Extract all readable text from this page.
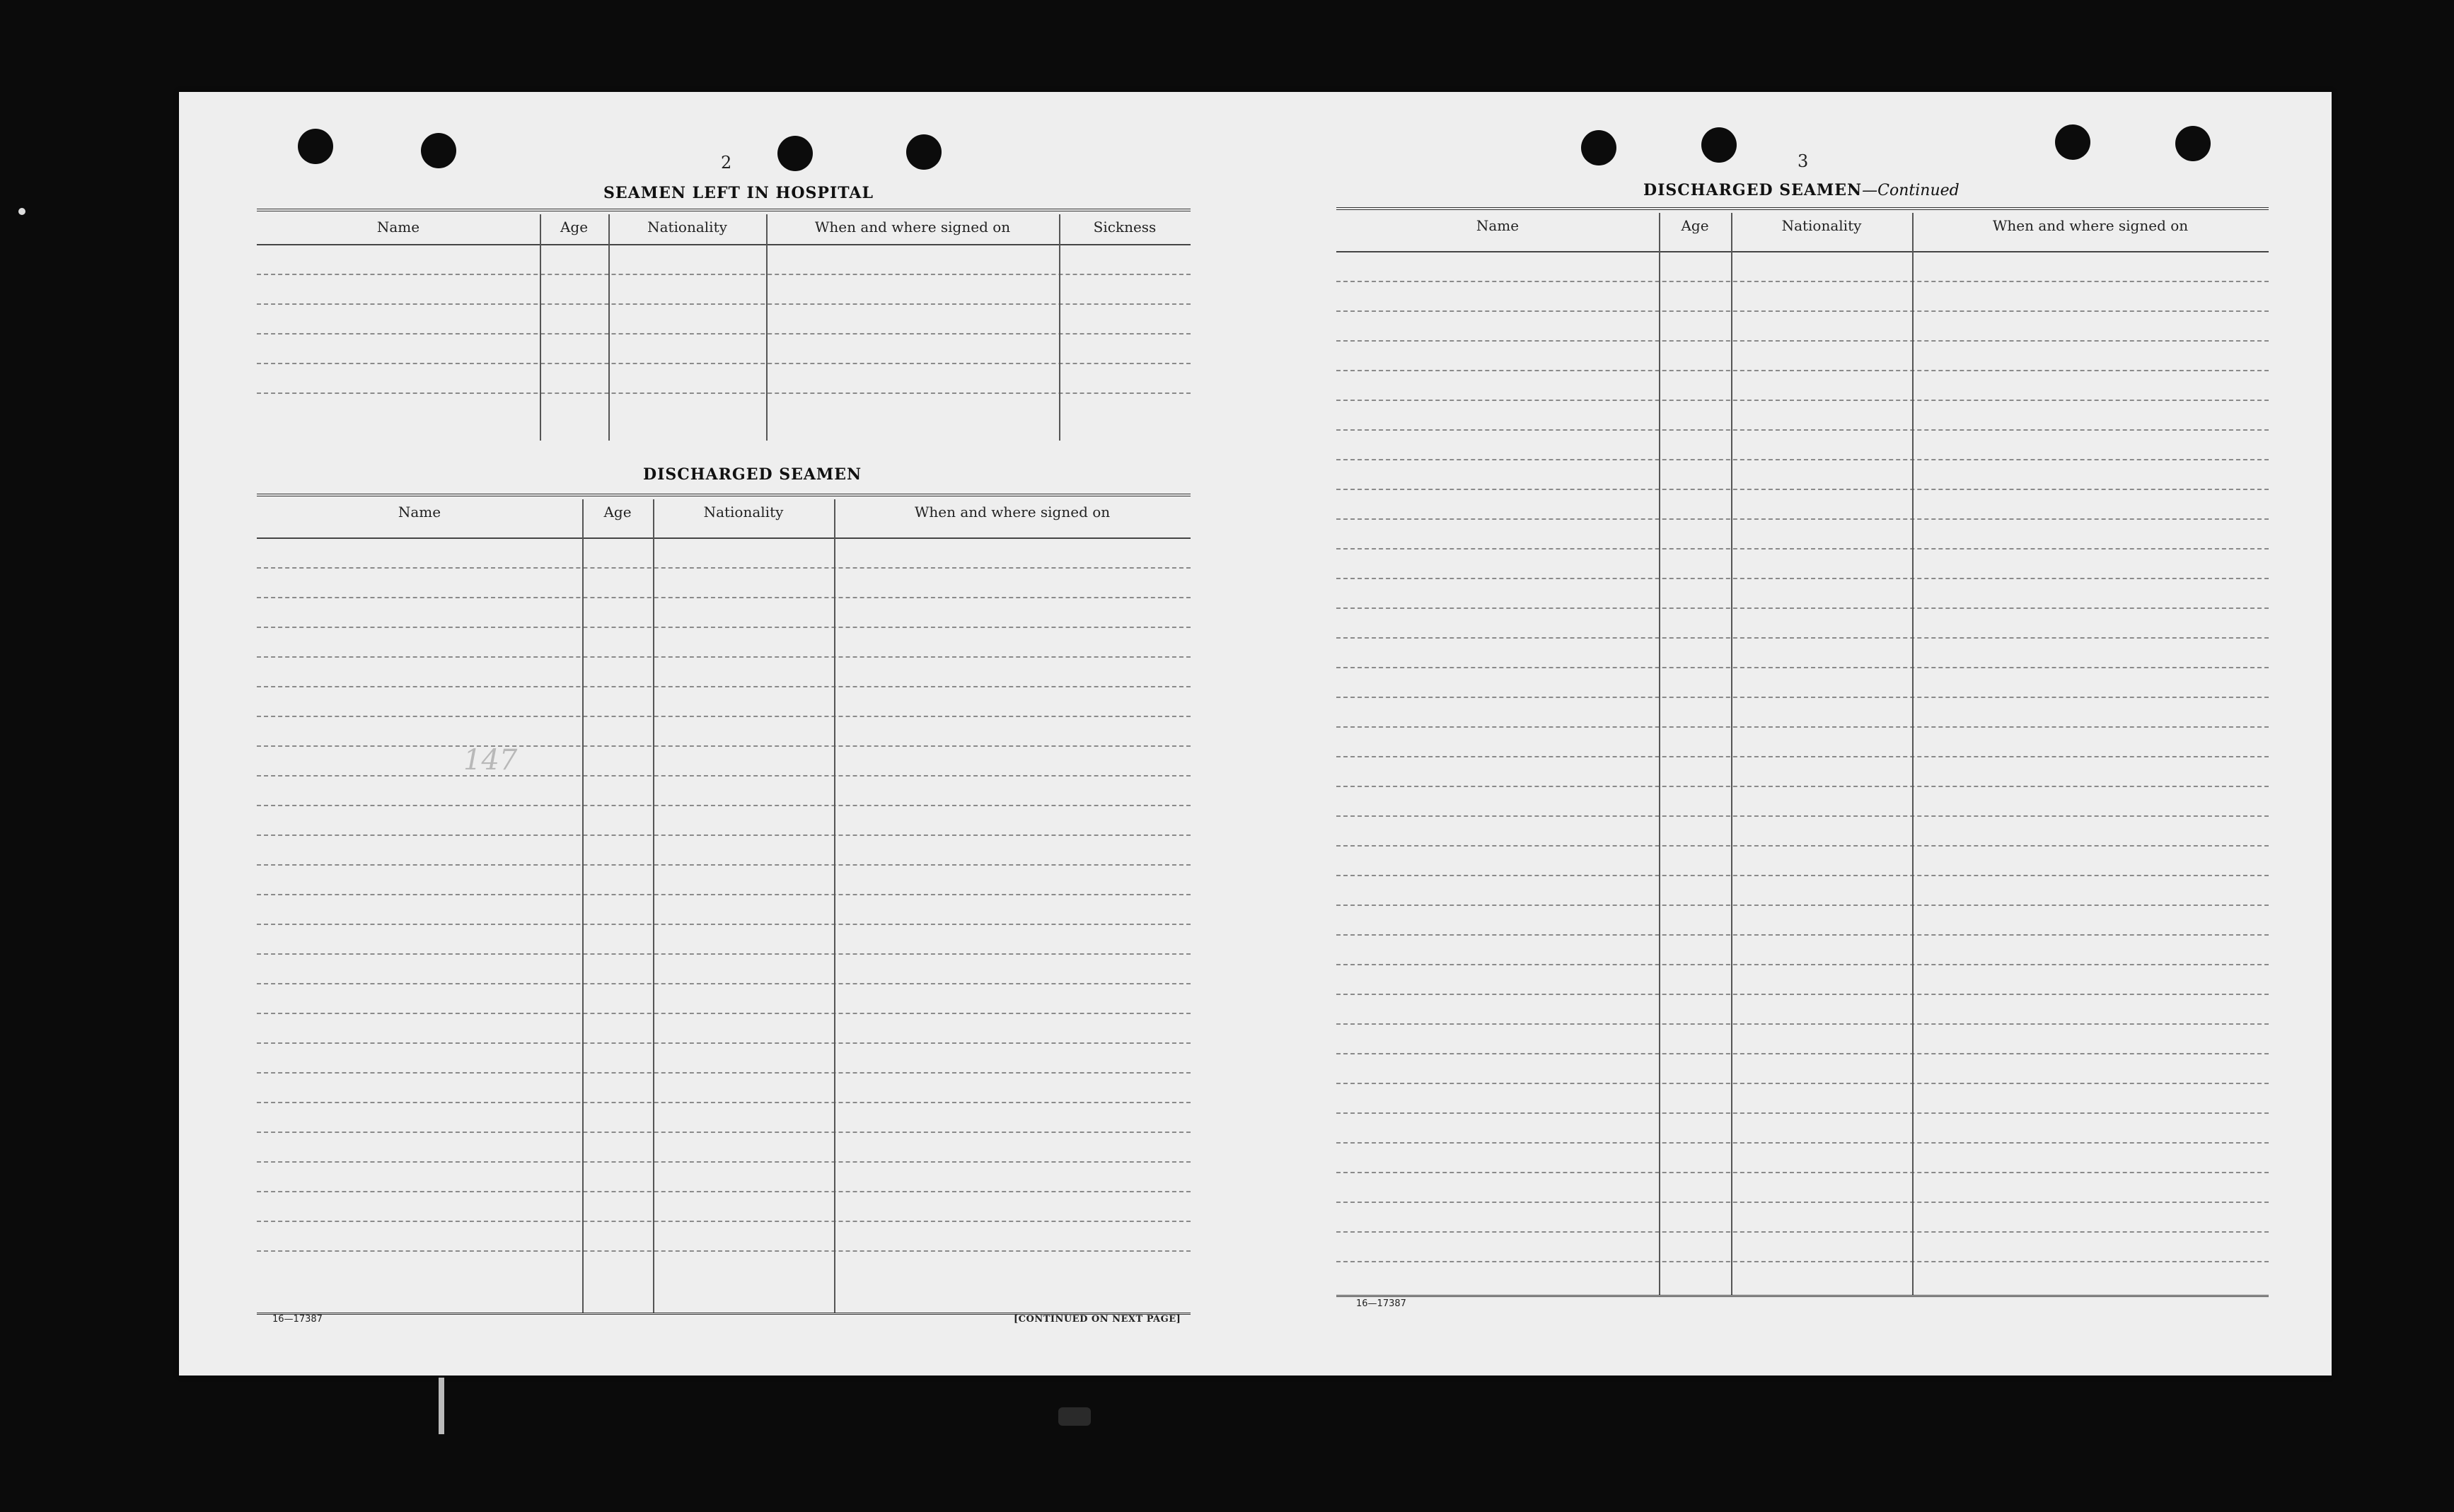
2
SEAMEN LEFT IN HOSPITAL
Name	Age	Nationality	When and where signed on	Sickness
DISCHARGED SEAMEN
Name	Age	Nationality	When and where signed on
147
16—17387	[CONTINUED ON NEXT PAGE]
3
DISCHARGED SEAMEN—Continued
Name	Age	Nationality	When and where signed on
16—17387
